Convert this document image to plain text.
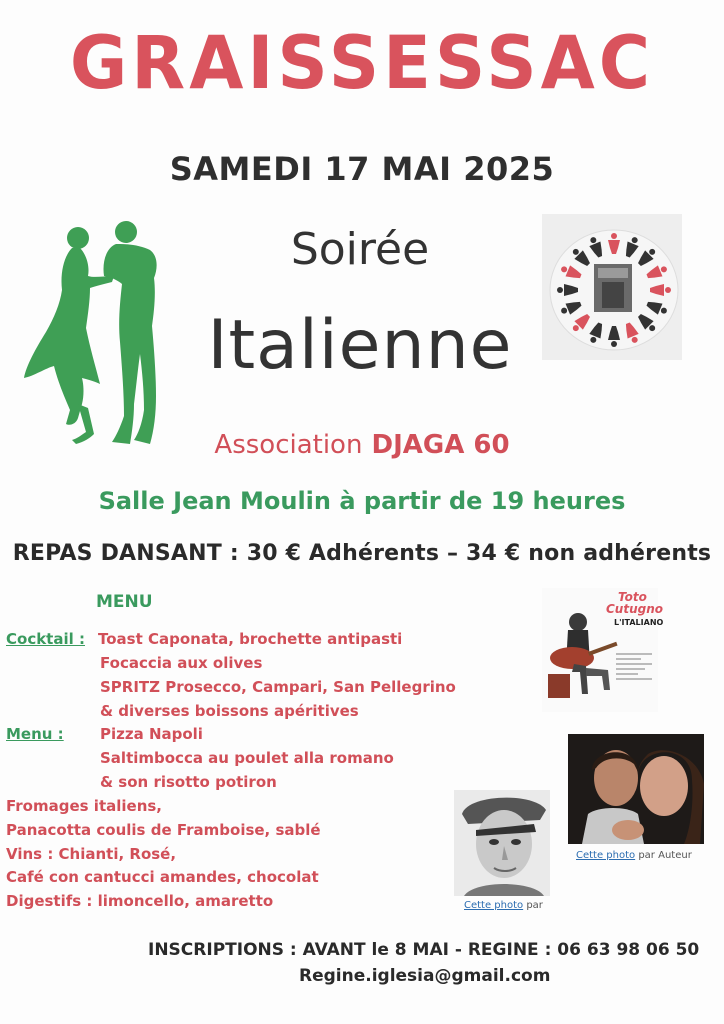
GRAISSESSAC
SAMEDI 17 MAI 2025
Soirée
Italienne
Association DJAGA 60
Salle Jean Moulin à partir de 19 heures
REPAS DANSANT : 30 € Adhérents – 34 € non adhérents
MENU
Cocktail : Toast Caponata, brochette antipasti
Focaccia aux olives
SPRITZ Prosecco, Campari, San Pellegrino
& diverses boissons apéritives
Menu : Pizza Napoli
Saltimbocca au poulet alla romano
& son risotto potiron
Fromages italiens,
Panacotta coulis de Framboise, sablé
Vins : Chianti, Rosé,
Café con cantucci amandes, chocolat
Digestifs : limoncello, amaretto
Toto
Cutugno
L'ITALIANO
Cette photo par Auteur
Cette photo par
INSCRIPTIONS : AVANT le 8 MAI - REGINE : 06 63 98 06 50
Regine.iglesia@gmail.com
